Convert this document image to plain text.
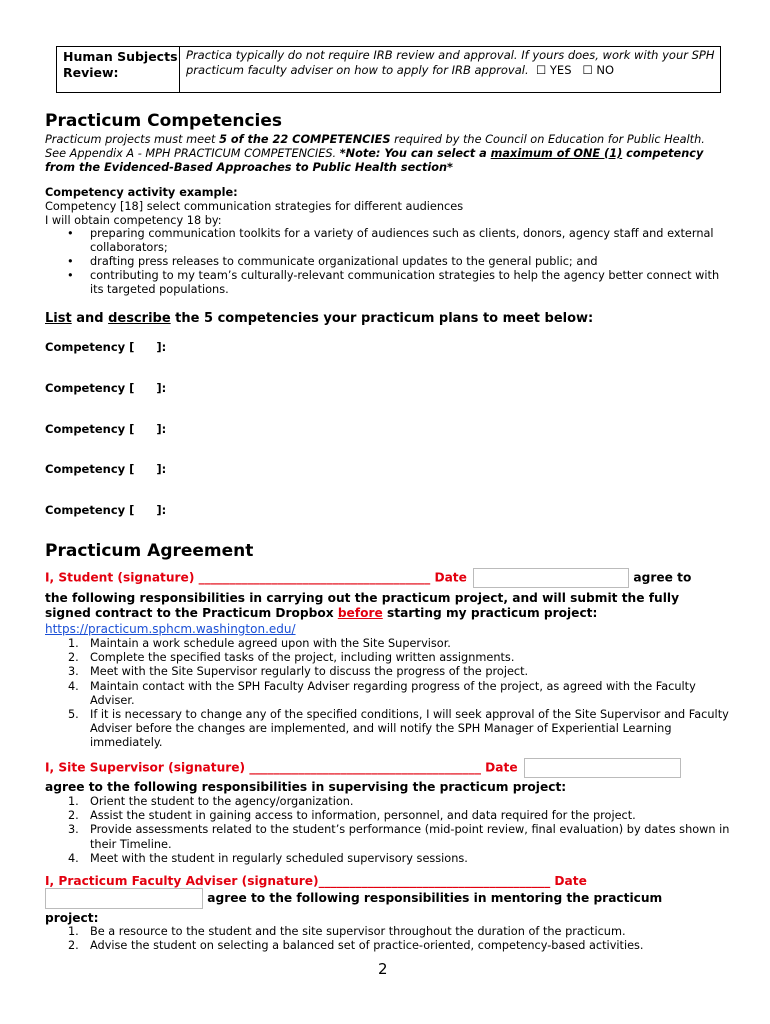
Human Subjects Review:
Practica typically do not require IRB review and approval. If yours does, work with your SPH practicum faculty adviser on how to apply for IRB approval. ☐ YES ☐ NO
Practicum Competencies
Practicum projects must meet 5 of the 22 COMPETENCIES required by the Council on Education for Public Health. See Appendix A - MPH PRACTICUM COMPETENCIES. *Note: You can select a maximum of ONE (1) competency from the Evidenced-Based Approaches to Public Health section*
Competency activity example:
Competency [18] select communication strategies for different audiences
I will obtain competency 18 by:
• preparing communication toolkits for a variety of audiences such as clients, donors, agency staff and external collaborators;
• drafting press releases to communicate organizational updates to the general public; and
• contributing to my team’s culturally-relevant communication strategies to help the agency better connect with its targeted populations.
List and describe the 5 competencies your practicum plans to meet below:
Competency [ ]:
Competency [ ]:
Competency [ ]:
Competency [ ]:
Competency [ ]:
Practicum Agreement
I, Student (signature) ______________________________________ Date	agree to
the following responsibilities in carrying out the practicum project, and will submit the fully signed contract to the Practicum Dropbox before starting my practicum project:
https://practicum.sphcm.washington.edu/
1. Maintain a work schedule agreed upon with the Site Supervisor.
2. Complete the specified tasks of the project, including written assignments.
3. Meet with the Site Supervisor regularly to discuss the progress of the project.
4. Maintain contact with the SPH Faculty Adviser regarding progress of the project, as agreed with the Faculty Adviser.
5. If it is necessary to change any of the specified conditions, I will seek approval of the Site Supervisor and Faculty Adviser before the changes are implemented, and will notify the SPH Manager of Experiential Learning immediately.
I, Site Supervisor (signature) ______________________________________ Date
agree to the following responsibilities in supervising the practicum project:
1. Orient the student to the agency/organization.
2. Assist the student in gaining access to information, personnel, and data required for the project.
3. Provide assessments related to the student’s performance (mid-point review, final evaluation) by dates shown in their Timeline.
4. Meet with the student in regularly scheduled supervisory sessions.
I, Practicum Faculty Adviser (signature)______________________________________ Date
agree to the following responsibilities in mentoring the practicum
project:
1. Be a resource to the student and the site supervisor throughout the duration of the practicum.
2. Advise the student on selecting a balanced set of practice-oriented, competency-based activities.
2
